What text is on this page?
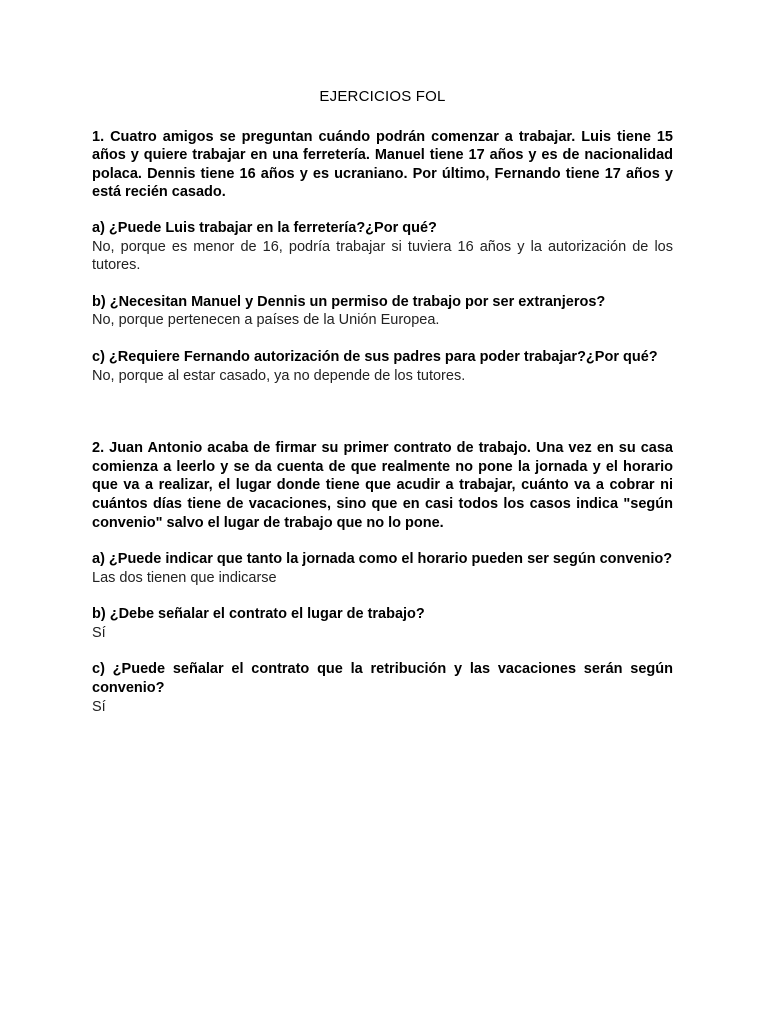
EJERCICIOS FOL

1. Cuatro amigos se preguntan cuándo podrán comenzar a trabajar. Luis tiene 15 años y quiere trabajar en una ferretería. Manuel tiene 17 años y es de nacionalidad polaca. Dennis tiene 16 años y es ucraniano. Por último, Fernando tiene 17 años y está recién casado.

a) ¿Puede Luis trabajar en la ferretería?¿Por qué?

No, porque es menor de 16, podría trabajar si tuviera 16 años y la autorización de los tutores.

b) ¿Necesitan Manuel y Dennis un permiso de trabajo por ser extranjeros?

No, porque pertenecen a países de la Unión Europea.

c) ¿Requiere Fernando autorización de sus padres para poder trabajar?¿Por qué?

No, porque al estar casado, ya no depende de los tutores.

2. Juan Antonio acaba de firmar su primer contrato de trabajo. Una vez en su casa comienza a leerlo y se da cuenta de que realmente no pone la jornada y el horario que va a realizar, el lugar donde tiene que acudir a trabajar, cuánto va a cobrar ni cuántos días tiene de vacaciones, sino que en casi todos los casos indica "según convenio" salvo el lugar de trabajo que no lo pone.

a) ¿Puede indicar que tanto la jornada como el horario pueden ser según convenio?

Las dos tienen que indicarse

b) ¿Debe señalar el contrato el lugar de trabajo?

Sí

c) ¿Puede señalar el contrato que la retribución y las vacaciones serán según convenio?

Sí
